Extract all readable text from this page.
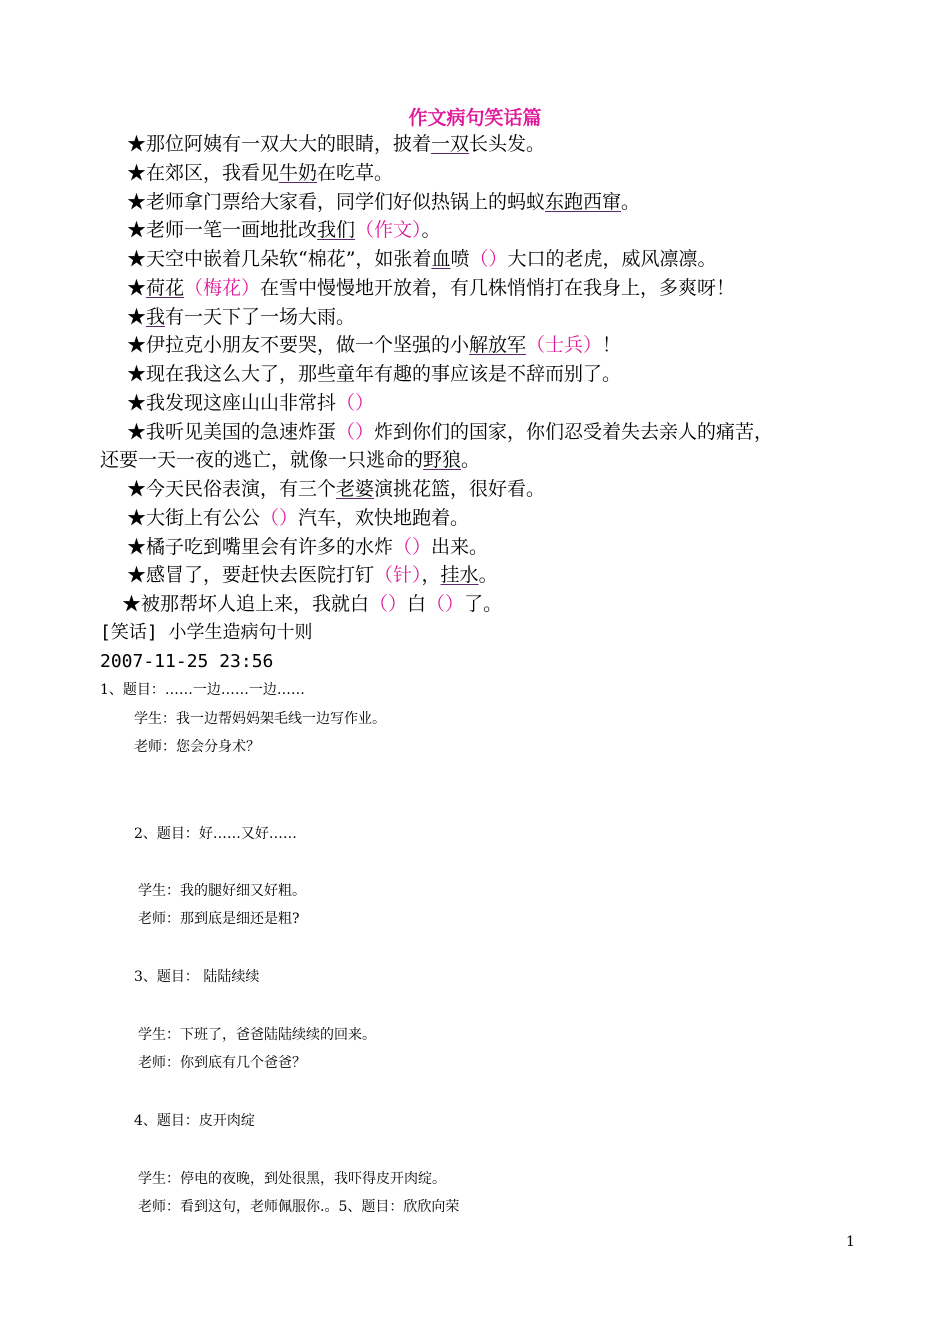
作文病句笑话篇
★那位阿姨有一双大大的眼睛，披着一双长头发。
★在郊区，我看见牛奶在吃草。
★老师拿门票给大家看，同学们好似热锅上的蚂蚁东跑西窜。
★老师一笔一画地批改我们（作文）。
★天空中嵌着几朵软“棉花”，如张着血喷（）大口的老虎，威风凛凛。
★荷花（梅花）在雪中慢慢地开放着，有几株悄悄打在我身上，多爽呀！
★我有一天下了一场大雨。
★伊拉克小朋友不要哭，做一个坚强的小解放军（士兵）！
★现在我这么大了，那些童年有趣的事应该是不辞而别了。
★我发现这座山山非常抖（）
★我听见美国的急速炸蛋（）炸到你们的国家，你们忍受着失去亲人的痛苦，
还要一天一夜的逃亡，就像一只逃命的野狼。
★今天民俗表演，有三个老婆演挑花篮，很好看。
★大街上有公公（）汽车，欢快地跑着。
★橘子吃到嘴里会有许多的水炸（）出来。
★感冒了，要赶快去医院打钉（针），挂水。
★被那帮坏人追上来，我就白（）白（）了。
[笑话] 小学生造病句十则
2007-11-25 23:56
1、题目：……一边……一边……
学生：我一边帮妈妈架毛线一边写作业。
老师：您会分身术？
2、题目：好……又好……
学生：我的腿好细又好粗。
老师：那到底是细还是粗?
3、题目： 陆陆续续
学生：下班了，爸爸陆陆续续的回来。
老师：你到底有几个爸爸？
4、题目：皮开肉绽
学生：停电的夜晚，到处很黑，我吓得皮开肉绽。
老师：看到这句，老师佩服你.。5、题目：欣欣向荣
1
